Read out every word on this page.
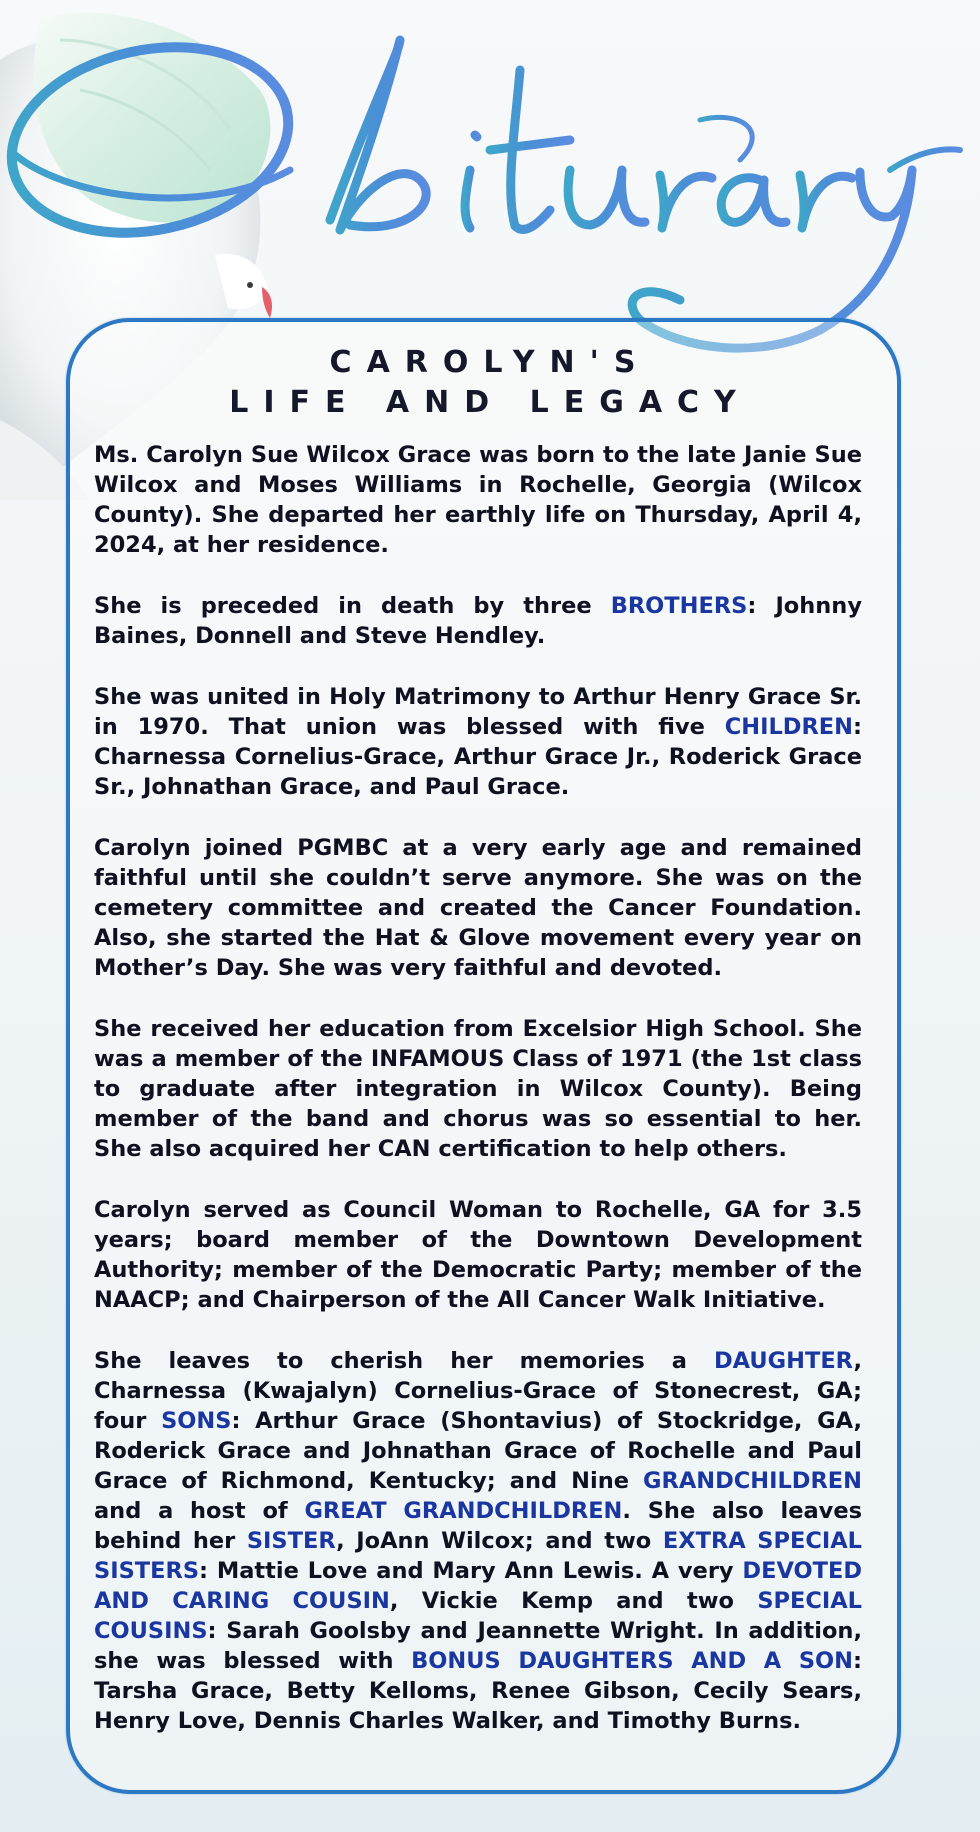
CAROLYN'S
LIFE AND LEGACY

Ms. Carolyn Sue Wilcox Grace was born to the late Janie Sue Wilcox and Moses Williams in Rochelle, Georgia (Wilcox County). She departed her earthly life on Thursday, April 4, 2024, at her residence.

She is preceded in death by three BROTHERS: Johnny Baines, Donnell and Steve Hendley.

She was united in Holy Matrimony to Arthur Henry Grace Sr. in 1970. That union was blessed with five CHILDREN: Charnessa Cornelius-Grace, Arthur Grace Jr., Roderick Grace Sr., Johnathan Grace, and Paul Grace.

Carolyn joined PGMBC at a very early age and remained faithful until she couldn’t serve anymore. She was on the cemetery committee and created the Cancer Foundation. Also, she started the Hat & Glove movement every year on Mother’s Day. She was very faithful and devoted.

She received her education from Excelsior High School. She was a member of the INFAMOUS Class of 1971 (the 1st class to graduate after integration in Wilcox County). Being member of the band and chorus was so essential to her. She also acquired her CAN certification to help others.

Carolyn served as Council Woman to Rochelle, GA for 3.5 years; board member of the Downtown Development Authority; member of the Democratic Party; member of the NAACP; and Chairperson of the All Cancer Walk Initiative.

She leaves to cherish her memories a DAUGHTER, Charnessa (Kwajalyn) Cornelius-Grace of Stonecrest, GA; four SONS: Arthur Grace (Shontavius) of Stockridge, GA, Roderick Grace and Johnathan Grace of Rochelle and Paul Grace of Richmond, Kentucky; and Nine GRANDCHILDREN and a host of GREAT GRANDCHILDREN. She also leaves behind her SISTER, JoAnn Wilcox; and two EXTRA SPECIAL SISTERS: Mattie Love and Mary Ann Lewis. A very DEVOTED AND CARING COUSIN, Vickie Kemp and two SPECIAL COUSINS: Sarah Goolsby and Jeannette Wright. In addition, she was blessed with BONUS DAUGHTERS AND A SON: Tarsha Grace, Betty Kelloms, Renee Gibson, Cecily Sears, Henry Love, Dennis Charles Walker, and Timothy Burns.
